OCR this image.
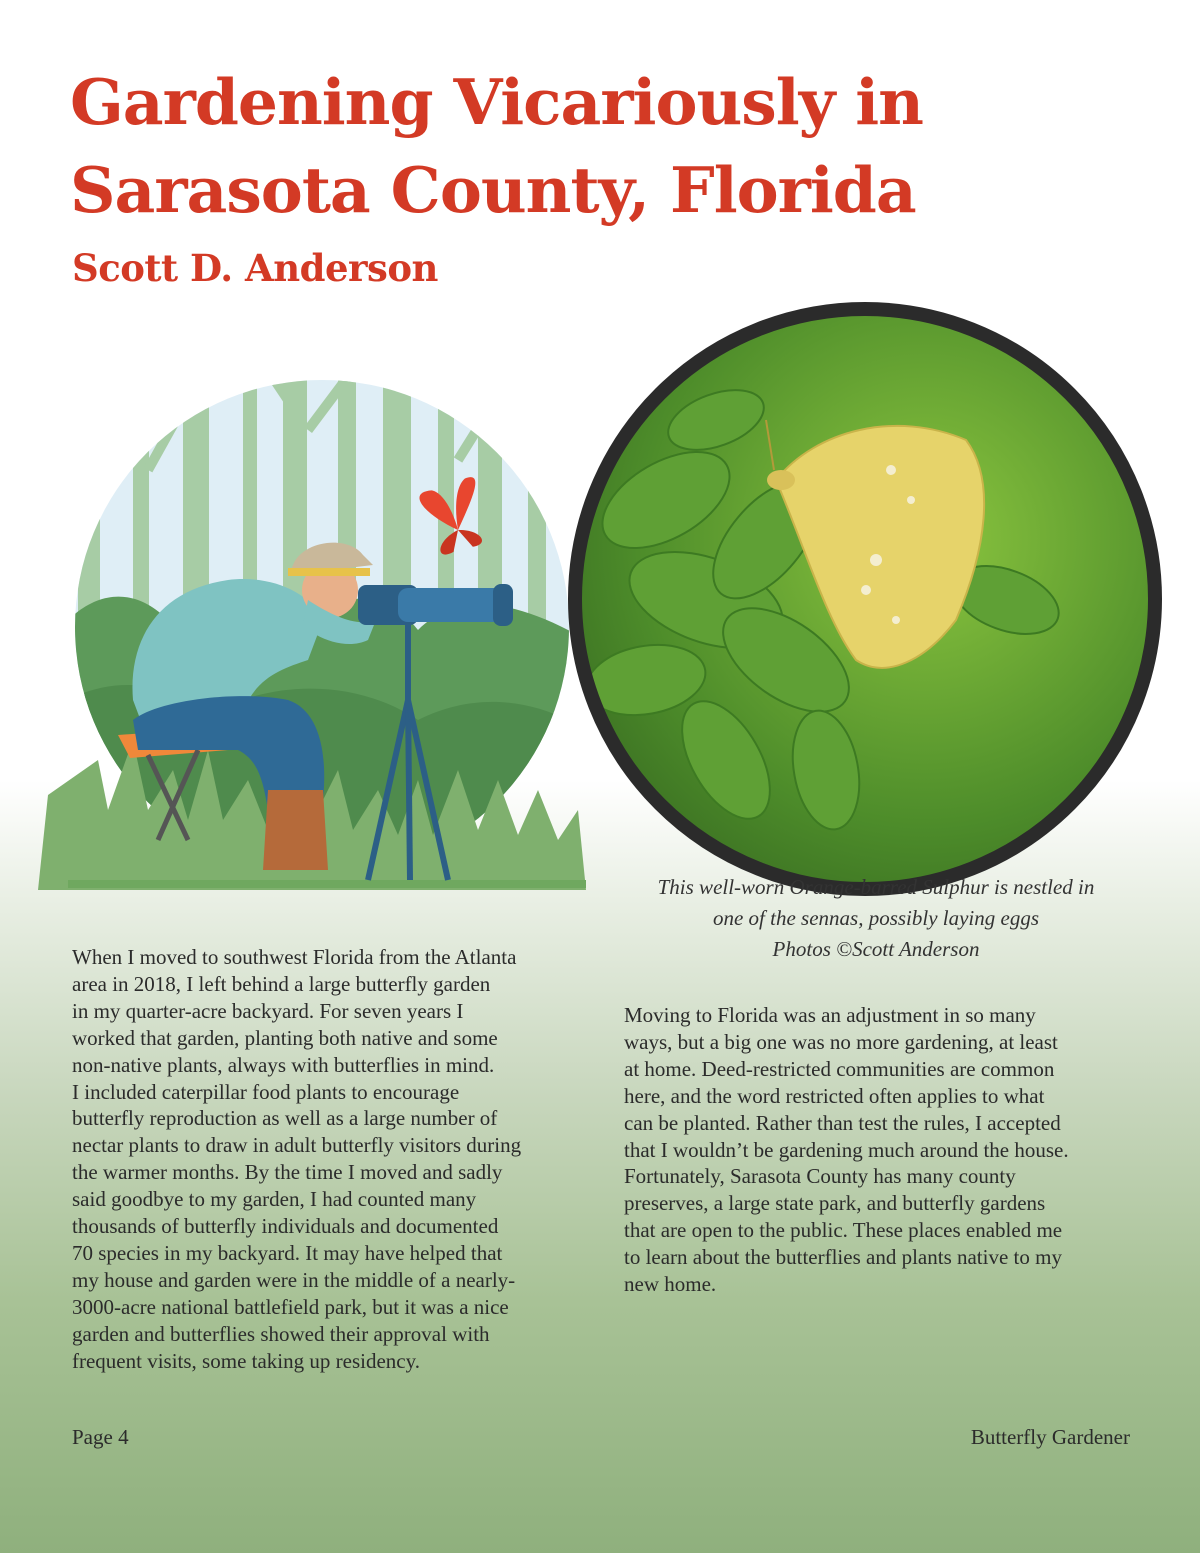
Gardening Vicariously in
Sarasota County, Florida
Scott D. Anderson
This well-worn Orange-barred Sulphur is nestled in
one of the sennas, possibly laying eggs
Photos ©Scott Anderson

When I moved to southwest Florida from the Atlanta
area in 2018, I left behind a large butterfly garden
in my quarter-acre backyard. For seven years I
worked that garden, planting both native and some
non-native plants, always with butterflies in mind.
I included caterpillar food plants to encourage
butterfly reproduction as well as a large number of
nectar plants to draw in adult butterfly visitors during
the warmer months. By the time I moved and sadly
said goodbye to my garden, I had counted many
thousands of butterfly individuals and documented
70 species in my backyard. It may have helped that
my house and garden were in the middle of a nearly-
3000-acre national battlefield park, but it was a nice
garden and butterflies showed their approval with
frequent visits, some taking up residency.

Moving to Florida was an adjustment in so many
ways, but a big one was no more gardening, at least
at home. Deed-restricted communities are common
here, and the word restricted often applies to what
can be planted. Rather than test the rules, I accepted
that I wouldn’t be gardening much around the house.
Fortunately, Sarasota County has many county
preserves, a large state park, and butterfly gardens
that are open to the public. These places enabled me
to learn about the butterflies and plants native to my
new home.

Page 4	Butterfly Gardener
